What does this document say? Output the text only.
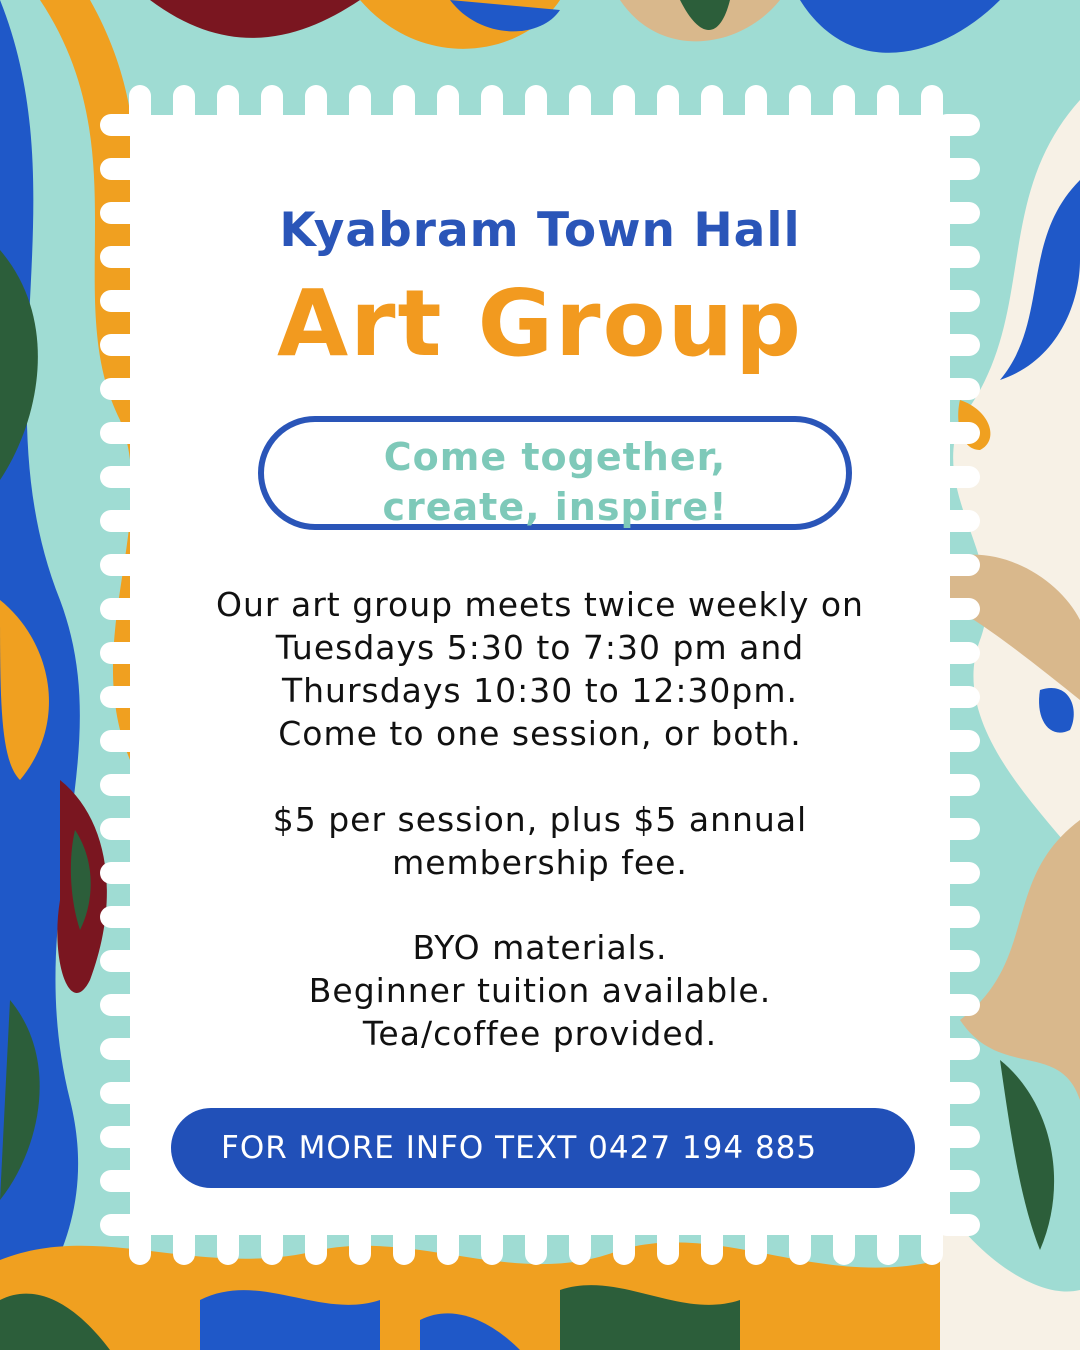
Kyabram Town Hall
Art Group
Come together,
create, inspire!
Our art group meets twice weekly on
Tuesdays 5:30 to 7:30 pm and
Thursdays 10:30 to 12:30pm.
Come to one session, or both.
$5 per session, plus $5 annual
membership fee.
BYO materials.
Beginner tuition available.
Tea/coffee provided.
FOR MORE INFO TEXT 0427 194 885
